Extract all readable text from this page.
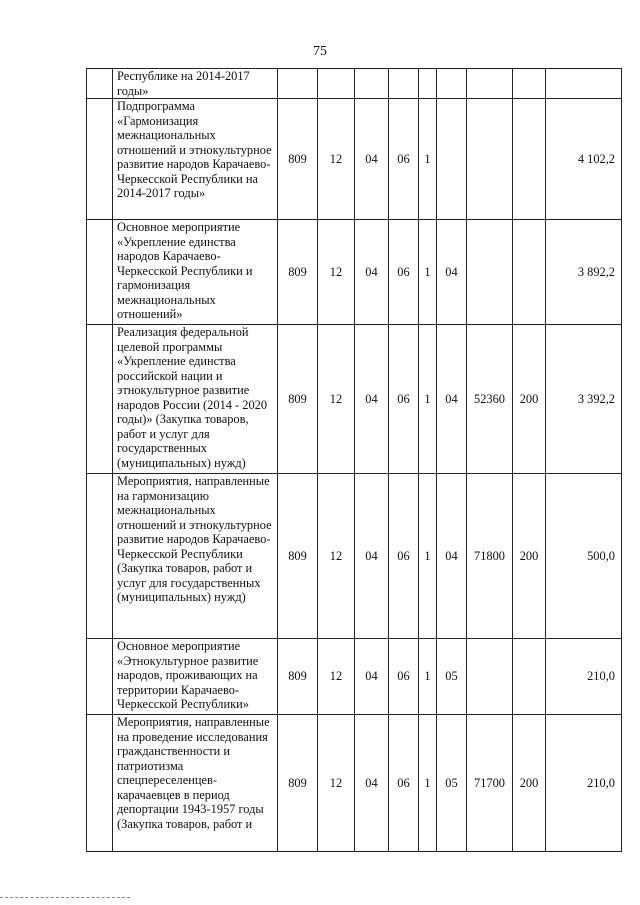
75
	Республике на 2014-2017 годы»									
	Подпрограмма «Гармонизация межнациональных отношений и этнокультурное развитие народов Карачаево-Черкесской Республики на 2014-2017 годы»	809	12	04	06	1				4 102,2
	Основное мероприятие «Укрепление единства народов Карачаево-Черкесской Республики и гармонизация межнациональных отношений»	809	12	04	06	1	04			3 892,2
	Реализация федеральной целевой программы «Укрепление единства российской нации и этнокультурное развитие народов России (2014 - 2020 годы)» (Закупка товаров, работ и услуг для государственных (муниципальных) нужд)	809	12	04	06	1	04	52360	200	3 392,2
	Мероприятия, направленные на гармонизацию межнациональных отношений и этнокультурное развитие народов Карачаево-Черкесской Республики (Закупка товаров, работ и услуг для государственных (муниципальных) нужд)	809	12	04	06	1	04	71800	200	500,0
	Основное мероприятие «Этнокультурное развитие народов, проживающих на территории Карачаево-Черкесской Республики»	809	12	04	06	1	05			210,0
	Мероприятия, направленные на проведение исследования гражданственности и патриотизма спецпереселенцев-карачаевцев в период депортации 1943-1957 годы (Закупка товаров, работ и	809	12	04	06	1	05	71700	200	210,0
